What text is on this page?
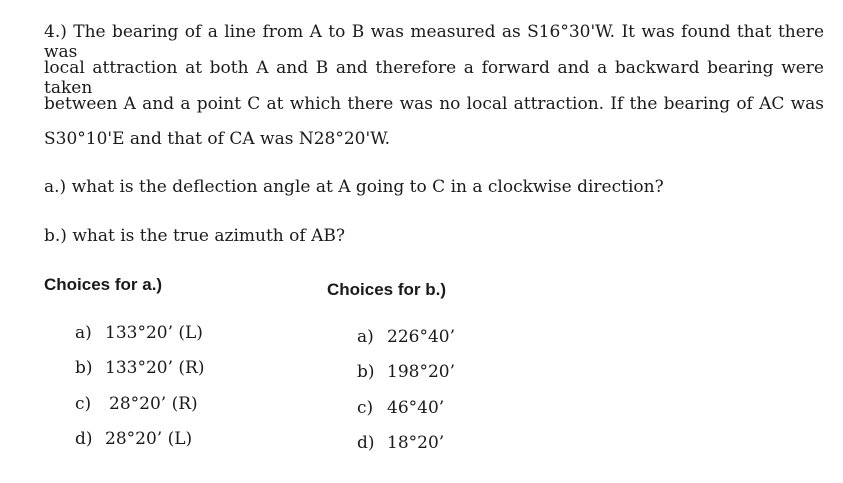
4.) The bearing of a line from A to B was measured as S16°30'W. It was found that there was
local attraction at both A and B and therefore a forward and a backward bearing were taken
between A and a point C at which there was no local attraction. If the bearing of AC was
S30°10'E and that of CA was N28°20'W.
a.) what is the deflection angle at A going to C in a clockwise direction?
b.) what is the true azimuth of AB?
Choices for a.)	Choices for b.)
a) 133°20’ (L)
b) 133°20’ (R)
c) 28°20’ (R)
d) 28°20’ (L)
a) 226°40’
b) 198°20’
c) 46°40’
d) 18°20’
